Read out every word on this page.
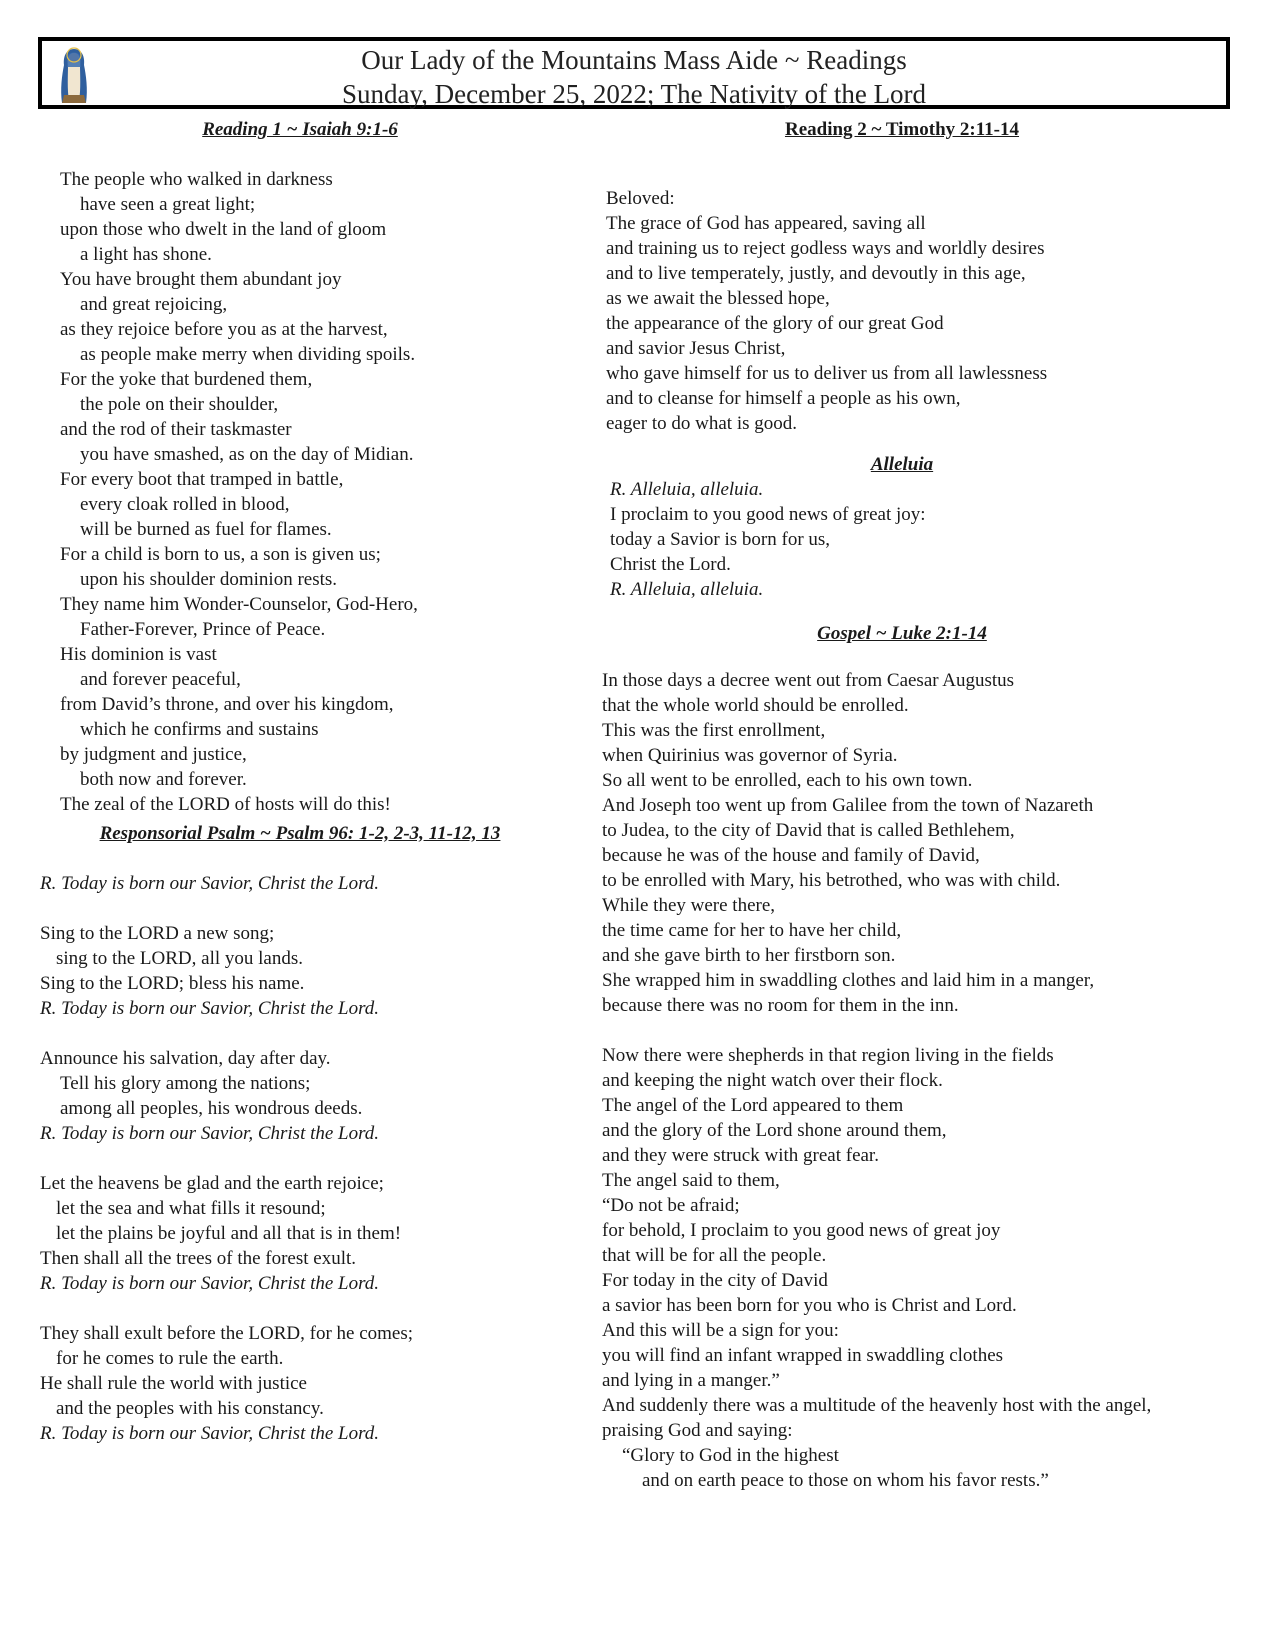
Our Lady of the Mountains Mass Aide ~ Readings
Sunday, December 25, 2022; The Nativity of the Lord
Reading 1 ~ Isaiah 9:1-6
The people who walked in darkness
have seen a great light;
upon those who dwelt in the land of gloom
a light has shone.
You have brought them abundant joy
and great rejoicing,
as they rejoice before you as at the harvest,
as people make merry when dividing spoils.
For the yoke that burdened them,
the pole on their shoulder,
and the rod of their taskmaster
you have smashed, as on the day of Midian.
For every boot that tramped in battle,
every cloak rolled in blood,
will be burned as fuel for flames.
For a child is born to us, a son is given us;
upon his shoulder dominion rests.
They name him Wonder-Counselor, God-Hero,
Father-Forever, Prince of Peace.
His dominion is vast
and forever peaceful,
from David’s throne, and over his kingdom,
which he confirms and sustains
by judgment and justice,
both now and forever.
The zeal of the LORD of hosts will do this!
Responsorial Psalm ~ Psalm 96: 1-2, 2-3, 11-12, 13
R. Today is born our Savior, Christ the Lord.
Sing to the LORD a new song;
sing to the LORD, all you lands.
Sing to the LORD; bless his name.
R. Today is born our Savior, Christ the Lord.
Announce his salvation, day after day.
Tell his glory among the nations;
among all peoples, his wondrous deeds.
R. Today is born our Savior, Christ the Lord.
Let the heavens be glad and the earth rejoice;
let the sea and what fills it resound;
let the plains be joyful and all that is in them!
Then shall all the trees of the forest exult.
R. Today is born our Savior, Christ the Lord.
They shall exult before the LORD, for he comes;
for he comes to rule the earth.
He shall rule the world with justice
and the peoples with his constancy.
R. Today is born our Savior, Christ the Lord.
Reading 2 ~ Timothy 2:11-14
Beloved:
The grace of God has appeared, saving all
and training us to reject godless ways and worldly desires
and to live temperately, justly, and devoutly in this age,
as we await the blessed hope,
the appearance of the glory of our great God
and savior Jesus Christ,
who gave himself for us to deliver us from all lawlessness
and to cleanse for himself a people as his own,
eager to do what is good.
Alleluia
R. Alleluia, alleluia.
I proclaim to you good news of great joy:
today a Savior is born for us,
Christ the Lord.
R. Alleluia, alleluia.
Gospel ~ Luke 2:1-14
In those days a decree went out from Caesar Augustus
that the whole world should be enrolled.
This was the first enrollment,
when Quirinius was governor of Syria.
So all went to be enrolled, each to his own town.
And Joseph too went up from Galilee from the town of Nazareth
to Judea, to the city of David that is called Bethlehem,
because he was of the house and family of David,
to be enrolled with Mary, his betrothed, who was with child.
While they were there,
the time came for her to have her child,
and she gave birth to her firstborn son.
She wrapped him in swaddling clothes and laid him in a manger,
because there was no room for them in the inn.
Now there were shepherds in that region living in the fields
and keeping the night watch over their flock.
The angel of the Lord appeared to them
and the glory of the Lord shone around them,
and they were struck with great fear.
The angel said to them,
“Do not be afraid;
for behold, I proclaim to you good news of great joy
that will be for all the people.
For today in the city of David
a savior has been born for you who is Christ and Lord.
And this will be a sign for you:
you will find an infant wrapped in swaddling clothes
and lying in a manger.”
And suddenly there was a multitude of the heavenly host with the angel,
praising God and saying:
“Glory to God in the highest
and on earth peace to those on whom his favor rests.”
